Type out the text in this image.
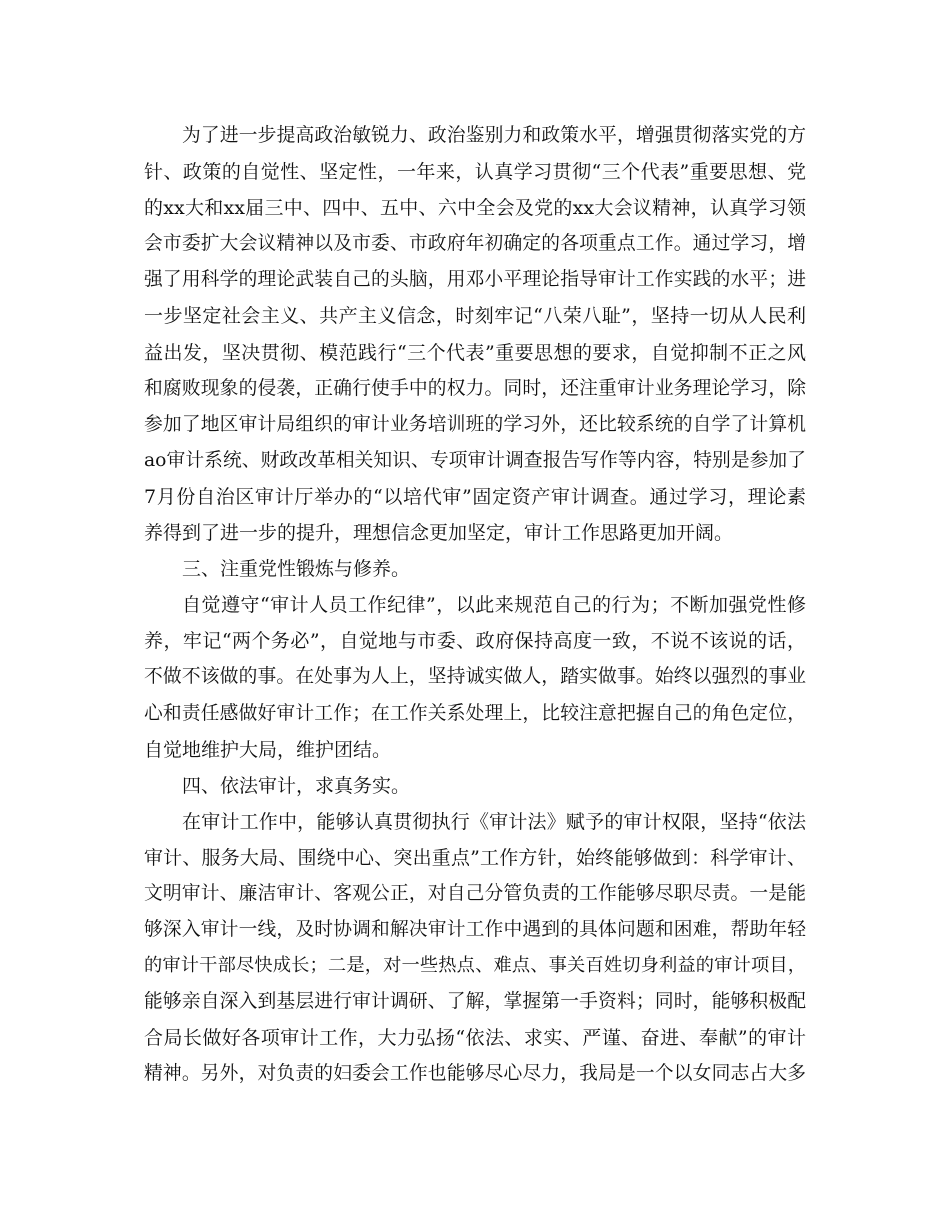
为了进一步提高政治敏锐力、政治鉴别力和政策水平，增强贯彻落实党的方
针、政策的自觉性、坚定性，一年来，认真学习贯彻“三个代表”重要思想、党
的xx大和xx届三中、四中、五中、六中全会及党的xx大会议精神，认真学习领
会市委扩大会议精神以及市委、市政府年初确定的各项重点工作。通过学习，增
强了用科学的理论武装自己的头脑，用邓小平理论指导审计工作实践的水平；进
一步坚定社会主义、共产主义信念，时刻牢记“八荣八耻”，坚持一切从人民利
益出发，坚决贯彻、模范践行“三个代表”重要思想的要求，自觉抑制不正之风
和腐败现象的侵袭，正确行使手中的权力。同时，还注重审计业务理论学习，除
参加了地区审计局组织的审计业务培训班的学习外，还比较系统的自学了计算机
ao审计系统、财政改革相关知识、专项审计调查报告写作等内容，特别是参加了
7月份自治区审计厅举办的“以培代审”固定资产审计调查。通过学习，理论素
养得到了进一步的提升，理想信念更加坚定，审计工作思路更加开阔。
三、注重党性锻炼与修养。
自觉遵守“审计人员工作纪律”，以此来规范自己的行为；不断加强党性修
养，牢记“两个务必”，自觉地与市委、政府保持高度一致，不说不该说的话，
不做不该做的事。在处事为人上，坚持诚实做人，踏实做事。始终以强烈的事业
心和责任感做好审计工作；在工作关系处理上，比较注意把握自己的角色定位，
自觉地维护大局，维护团结。
四、依法审计，求真务实。
在审计工作中，能够认真贯彻执行《审计法》赋予的审计权限，坚持“依法
审计、服务大局、围绕中心、突出重点”工作方针，始终能够做到：科学审计、
文明审计、廉洁审计、客观公正，对自己分管负责的工作能够尽职尽责。一是能
够深入审计一线，及时协调和解决审计工作中遇到的具体问题和困难，帮助年轻
的审计干部尽快成长；二是，对一些热点、难点、事关百姓切身利益的审计项目，
能够亲自深入到基层进行审计调研、了解，掌握第一手资料；同时，能够积极配
合局长做好各项审计工作，大力弘扬“依法、求实、严谨、奋进、奉献”的审计
精神。另外，对负责的妇委会工作也能够尽心尽力，我局是一个以女同志占大多
